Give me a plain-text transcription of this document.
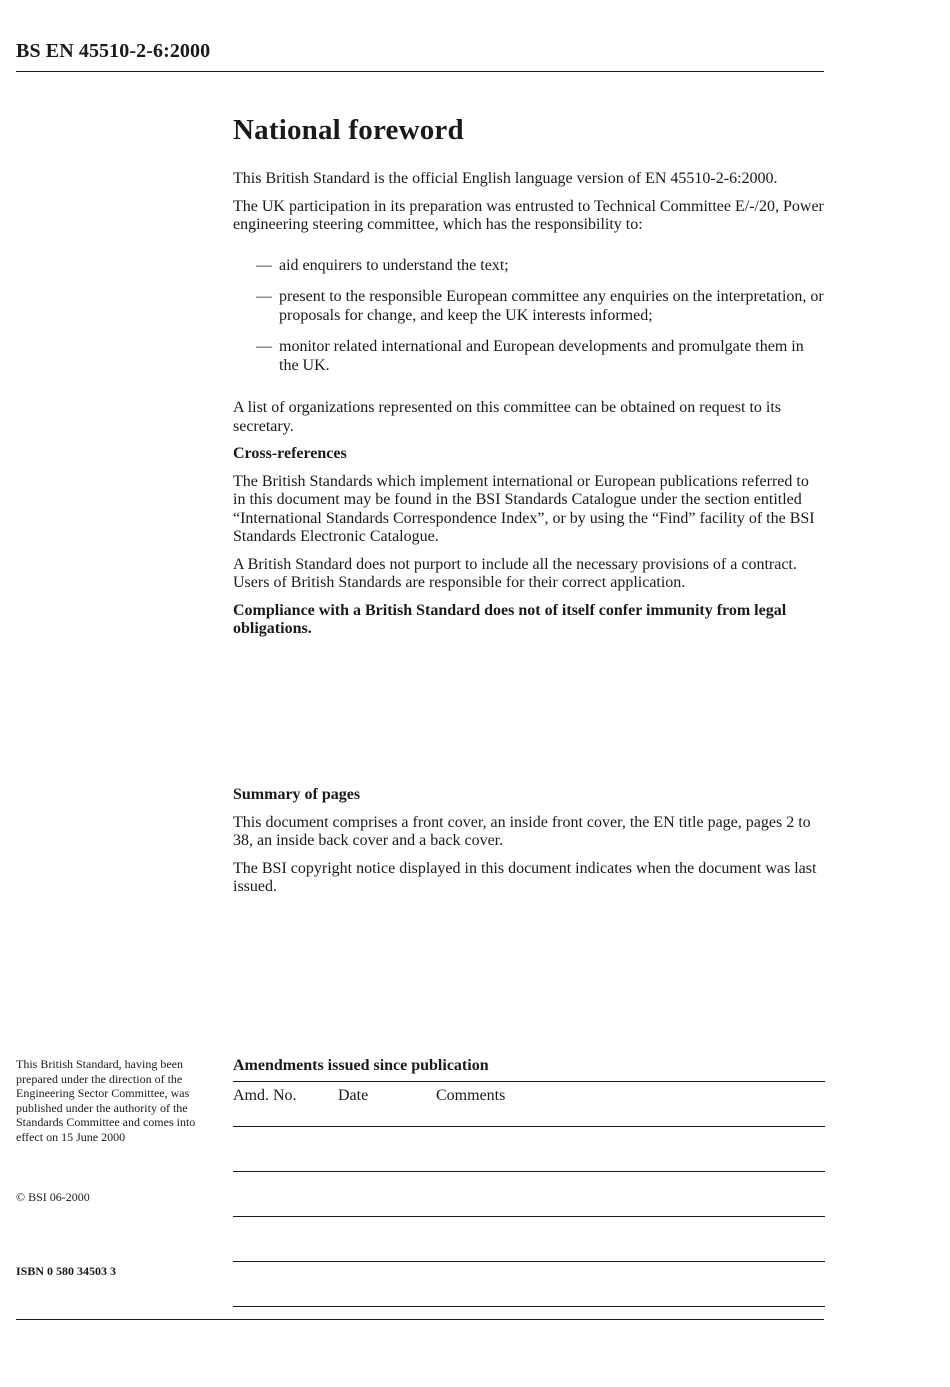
BS EN 45510-2-6:2000
National foreword

This British Standard is the official English language version of EN 45510-2-6:2000.

The UK participation in its preparation was entrusted to Technical Committee E/-/20, Power engineering steering committee, which has the responsibility to:

— aid enquirers to understand the text;
— present to the responsible European committee any enquiries on the interpretation, or proposals for change, and keep the UK interests informed;
— monitor related international and European developments and promulgate them in the UK.

A list of organizations represented on this committee can be obtained on request to its secretary.

Cross-references

The British Standards which implement international or European publications referred to in this document may be found in the BSI Standards Catalogue under the section entitled “International Standards Correspondence Index”, or by using the “Find” facility of the BSI Standards Electronic Catalogue.

A British Standard does not purport to include all the necessary provisions of a contract. Users of British Standards are responsible for their correct application.

Compliance with a British Standard does not of itself confer immunity from legal obligations.

Summary of pages

This document comprises a front cover, an inside front cover, the EN title page, pages 2 to 38, an inside back cover and a back cover.

The BSI copyright notice displayed in this document indicates when the document was last issued.

This British Standard, having been prepared under the direction of the Engineering Sector Committee, was published under the authority of the Standards Committee and comes into effect on 15 June 2000
© BSI 06-2000
ISBN 0 580 34503 3
Amendments issued since publication
Amd. No.	Date	Comments
